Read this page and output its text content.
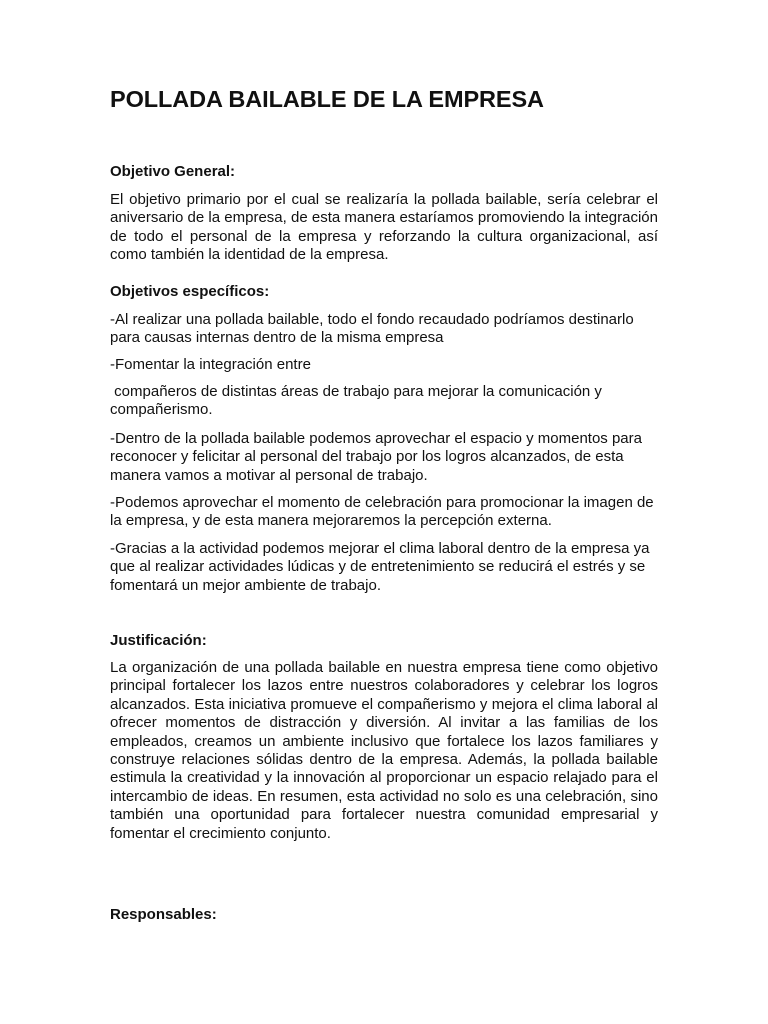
POLLADA BAILABLE DE LA EMPRESA
Objetivo General:

El objetivo primario por el cual se realizaría la pollada bailable, sería celebrar el aniversario de la empresa, de esta manera estaríamos promoviendo la integración de todo el personal de la empresa y reforzando la cultura organizacional, así como también la identidad de la empresa.

Objetivos específicos:

-Al realizar una pollada bailable, todo el fondo recaudado podríamos destinarlo para causas internas dentro de la misma empresa

-Fomentar la integración entre

compañeros de distintas áreas de trabajo para mejorar la comunicación y compañerismo.

-Dentro de la pollada bailable podemos aprovechar el espacio y momentos para reconocer y felicitar al personal del trabajo por los logros alcanzados, de esta manera vamos a motivar al personal de trabajo.

-Podemos aprovechar el momento de celebración para promocionar la imagen de la empresa, y de esta manera mejoraremos la percepción externa.

-Gracias a la actividad podemos mejorar el clima laboral dentro de la empresa ya que al realizar actividades lúdicas y de entretenimiento se reducirá el estrés y se fomentará un mejor ambiente de trabajo.

Justificación:

La organización de una pollada bailable en nuestra empresa tiene como objetivo principal fortalecer los lazos entre nuestros colaboradores y celebrar los logros alcanzados. Esta iniciativa promueve el compañerismo y mejora el clima laboral al ofrecer momentos de distracción y diversión. Al invitar a las familias de los empleados, creamos un ambiente inclusivo que fortalece los lazos familiares y construye relaciones sólidas dentro de la empresa. Además, la pollada bailable estimula la creatividad y la innovación al proporcionar un espacio relajado para el intercambio de ideas. En resumen, esta actividad no solo es una celebración, sino también una oportunidad para fortalecer nuestra comunidad empresarial y fomentar el crecimiento conjunto.

Responsables:
